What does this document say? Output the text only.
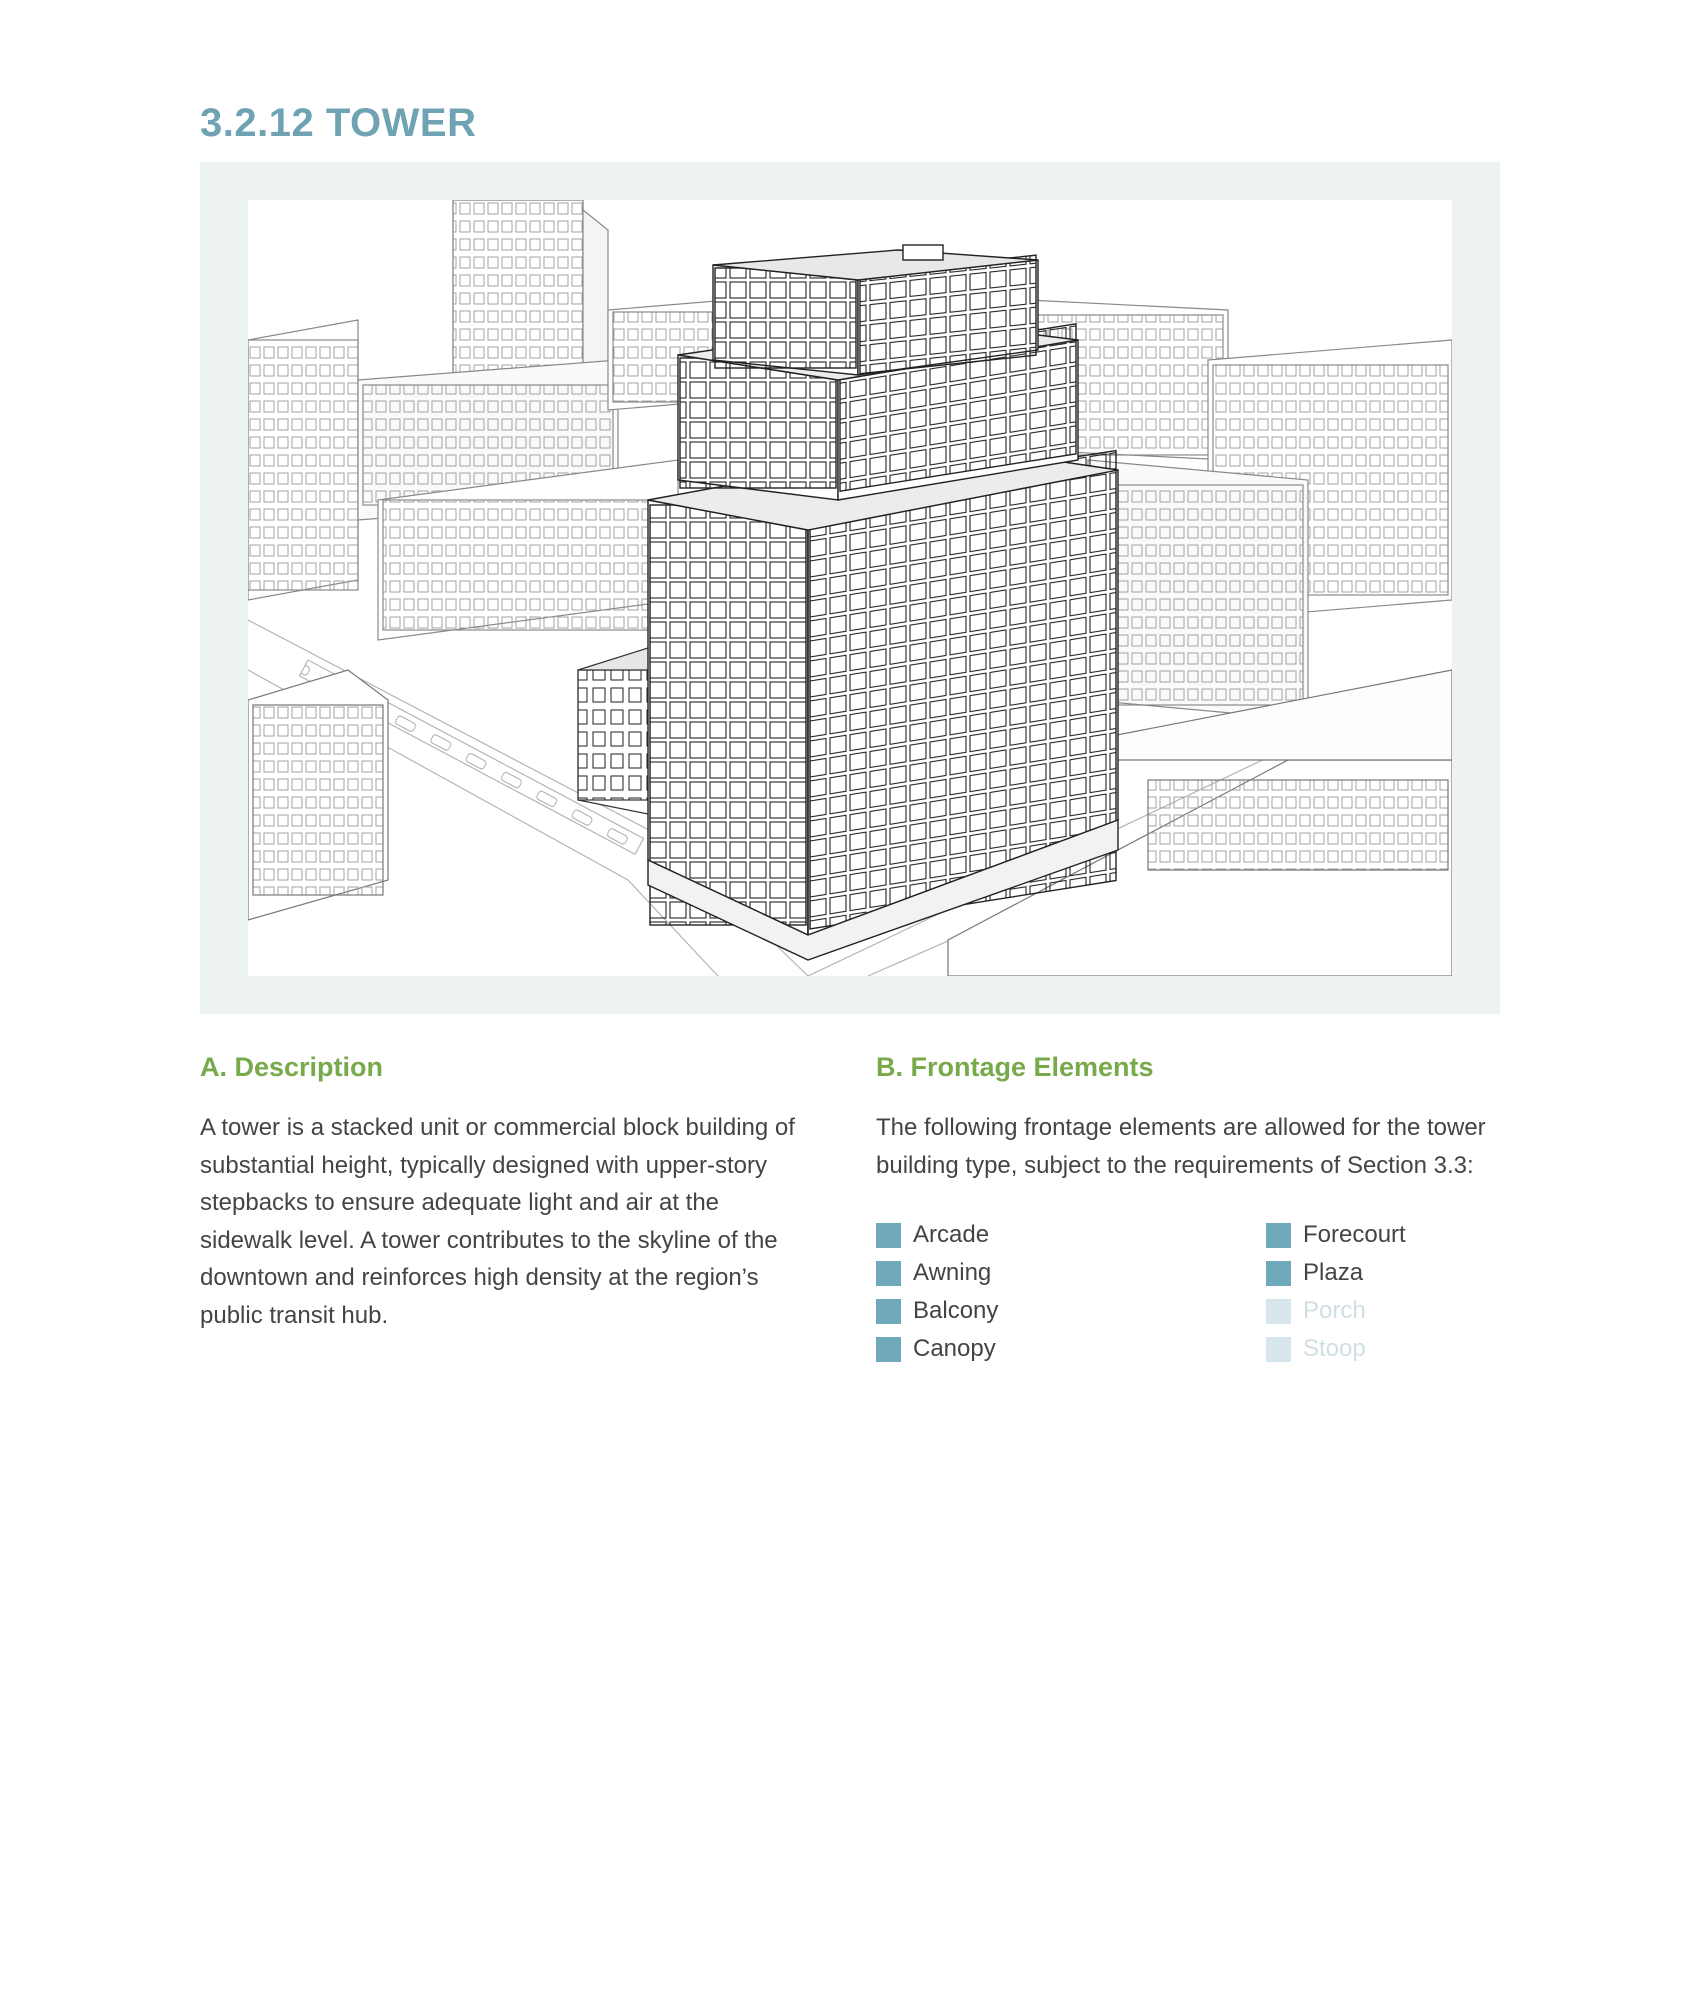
3.2.12 TOWER
A. Description

A tower is a stacked unit or commercial block building of substantial height, typically designed with upper-story stepbacks to ensure adequate light and air at the sidewalk level. A tower contributes to the skyline of the downtown and reinforces high density at the region’s public transit hub.

B. Frontage Elements

The following frontage elements are allowed for the tower building type, subject to the requirements of Section 3.3:

Arcade
Awning
Balcony
Canopy
Forecourt
Plaza
Porch
Stoop
